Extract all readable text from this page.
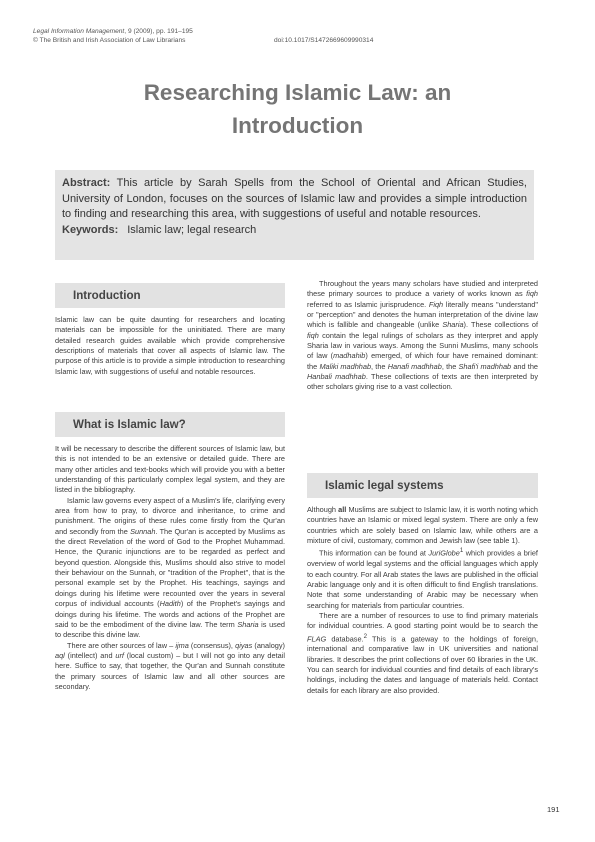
Legal Information Management, 9 (2009), pp. 191–195
© The British and Irish Association of Law Librarians	doi:10.1017/S1472669609990314
Researching Islamic Law: an
Introduction
Abstract: This article by Sarah Spells from the School of Oriental and African Studies, University of London, focuses on the sources of Islamic law and provides a simple introduction to finding and researching this area, with suggestions of useful and notable resources.
Keywords: Islamic law; legal research
Introduction

Islamic law can be quite daunting for researchers and locating materials can be impossible for the uninitiated. There are many detailed research guides available which provide comprehensive descriptions of materials that cover all aspects of Islamic law. The purpose of this article is to provide a simple introduction to researching Islamic law, with suggestions of useful and notable resources.

What is Islamic law?

It will be necessary to describe the different sources of Islamic law, but this is not intended to be an extensive or detailed guide. There are many other articles and text-books which will provide you with a better understanding of this particularly complex legal system, and they are listed in the bibliography.

Islamic law governs every aspect of a Muslim's life, clarifying every area from how to pray, to divorce and inheritance, to crime and punishment. The origins of these rules come firstly from the Qur'an and secondly from the Sunnah. The Qur'an is accepted by Muslims as the direct Revelation of the word of God to the Prophet Muhammad. Hence, the Quranic injunctions are to be regarded as perfect and beyond question. Alongside this, Muslims should also strive to model their behaviour on the Sunnah, or "tradition of the Prophet", that is the personal example set by the Prophet. His teachings, sayings and doings during his lifetime were recounted over the years in several corpus of individual accounts (Hadith) of the Prophet's sayings and doings during his lifetime. The words and actions of the Prophet are said to be the embodiment of the divine law. The term Sharia is used to describe this divine law.

There are other sources of law – ijma (consensus), qiyas (analogy) aql (intellect) and urf (local custom) – but I will not go into any detail here. Suffice to say, that together, the Qur'an and Sunnah constitute the primary sources of Islamic law and all other sources are secondary.

Throughout the years many scholars have studied and interpreted these primary sources to produce a variety of works known as fiqh referred to as Islamic jurisprudence. Fiqh literally means "understand" or "perception" and denotes the human interpretation of the divine law which is fallible and changeable (unlike Sharia). These collections of fiqh contain the legal rulings of scholars as they interpret and apply Sharia law in various ways. Among the Sunni Muslims, many schools of law (madhahib) emerged, of which four have remained dominant: the Maliki madhhab, the Hanafi madhhab, the Shafi'i madhhab and the Hanbali madhhab. These collections of texts are then interpreted by other scholars giving rise to a vast collection.

Islamic legal systems

Although all Muslims are subject to Islamic law, it is worth noting which countries have an Islamic or mixed legal system. There are only a few countries which are solely based on Islamic law, while others are a mixture of civil, customary, common and Jewish law (see table 1).

This information can be found at JuriGlobe$^1$ which provides a brief overview of world legal systems and the official languages which apply to each country. For all Arab states the laws are published in the official Arabic language only and it is often difficult to find English translations. Note that some understanding of Arabic may be necessary when searching for materials from particular countries.

There are a number of resources to use to find primary materials for individual countries. A good starting point would be to search the FLAG database.$^2$ This is a gateway to the holdings of foreign, international and comparative law in UK universities and national libraries. It describes the print collections of over 60 libraries in the UK. You can search for individual counties and find details of each library's holdings, including the dates and language of materials held. Contact details for each library are also provided.

191
